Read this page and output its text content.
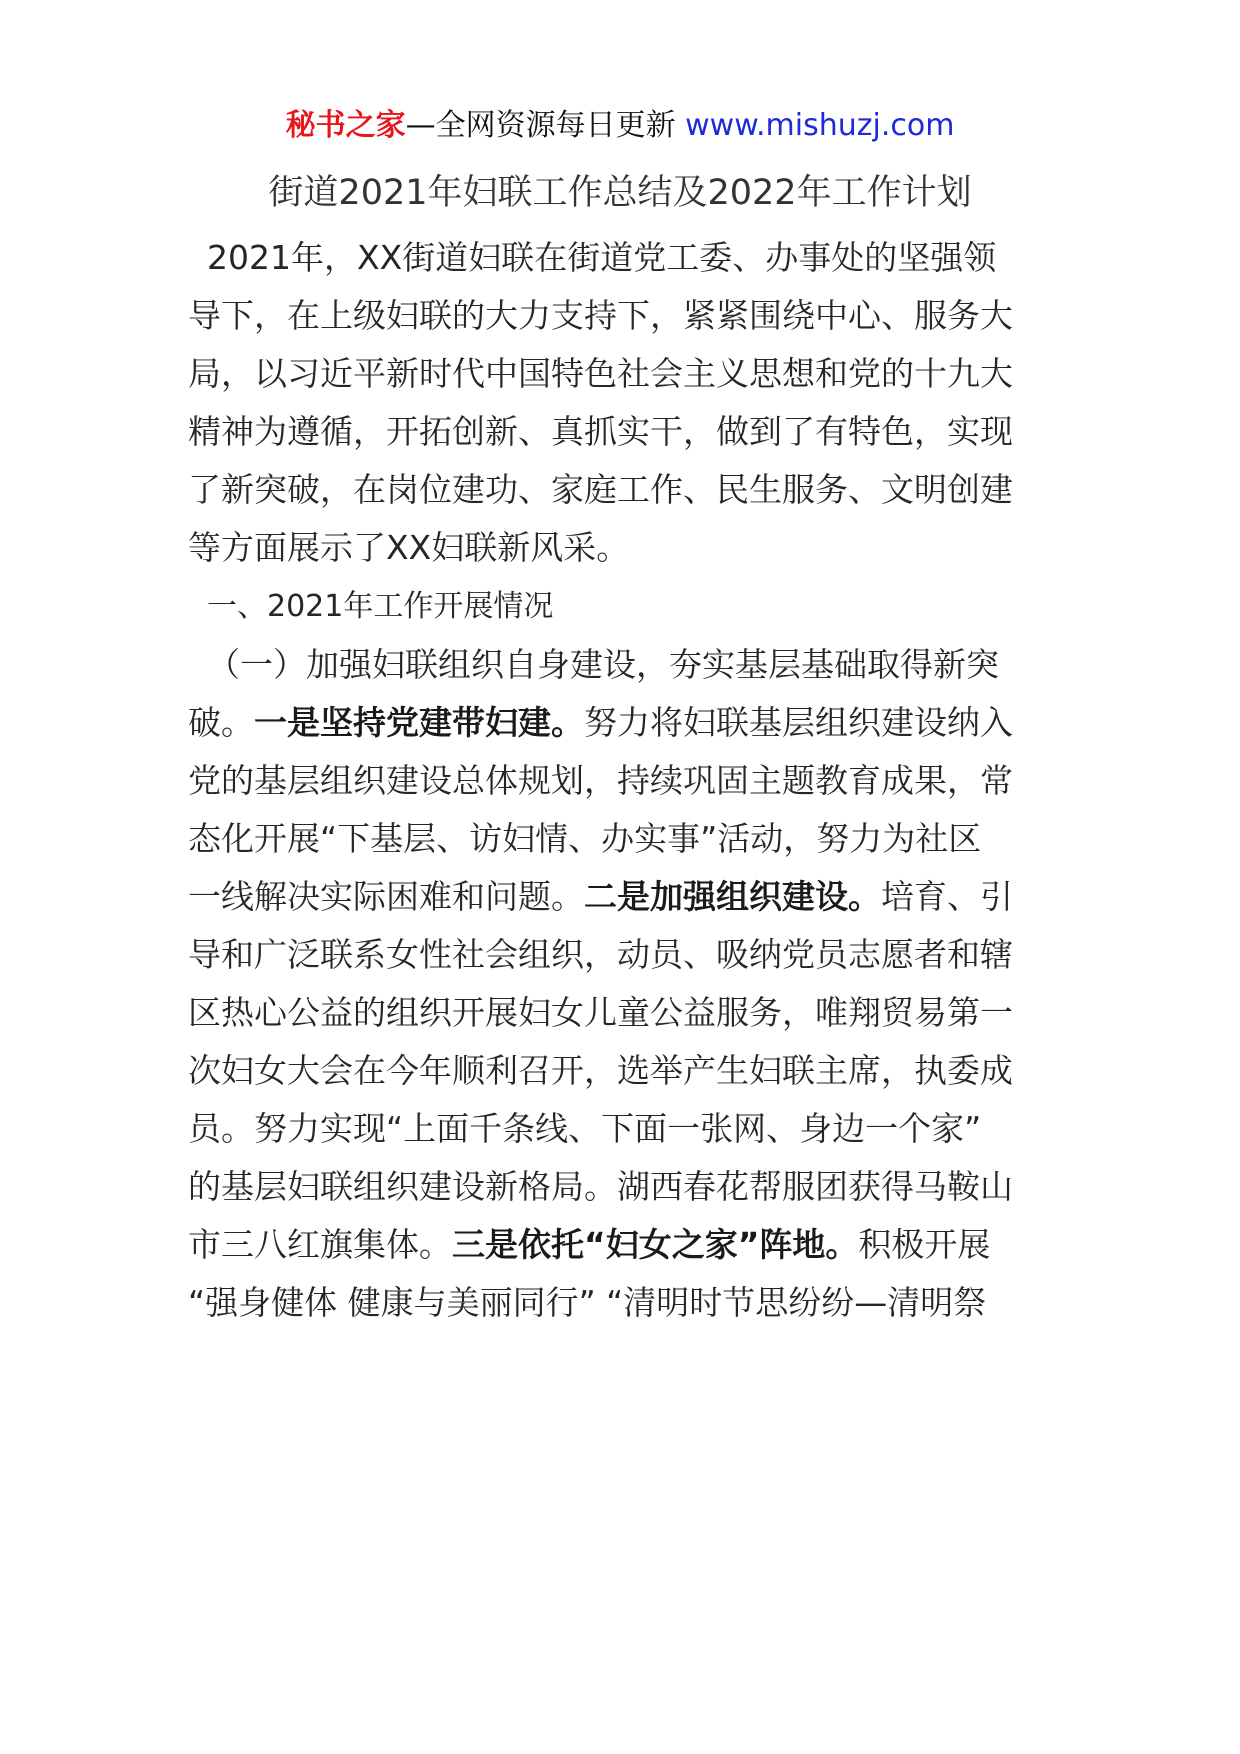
秘书之家—全网资源每日更新 www.mishuzj.com
街道2021年妇联工作总结及2022年工作计划
2021年，XX街道妇联在街道党工委、办事处的坚强领
导下，在上级妇联的大力支持下，紧紧围绕中心、服务大
局，以习近平新时代中国特色社会主义思想和党的十九大
精神为遵循，开拓创新、真抓实干，做到了有特色，实现
了新突破，在岗位建功、家庭工作、民生服务、文明创建
等方面展示了XX妇联新风采。
一、2021年工作开展情况
（一）加强妇联组织自身建设，夯实基层基础取得新突
破。一是坚持党建带妇建。努力将妇联基层组织建设纳入
党的基层组织建设总体规划，持续巩固主题教育成果，常
态化开展“下基层、访妇情、办实事”活动，努力为社区
一线解决实际困难和问题。二是加强组织建设。培育、引
导和广泛联系女性社会组织，动员、吸纳党员志愿者和辖
区热心公益的组织开展妇女儿童公益服务，唯翔贸易第一
次妇女大会在今年顺利召开，选举产生妇联主席，执委成
员。努力实现“上面千条线、下面一张网、身边一个家”
的基层妇联组织建设新格局。湖西春花帮服团获得马鞍山
市三八红旗集体。三是依托“妇女之家”阵地。积极开展
“强身健体 健康与美丽同行” “清明时节思纷纷—清明祭
